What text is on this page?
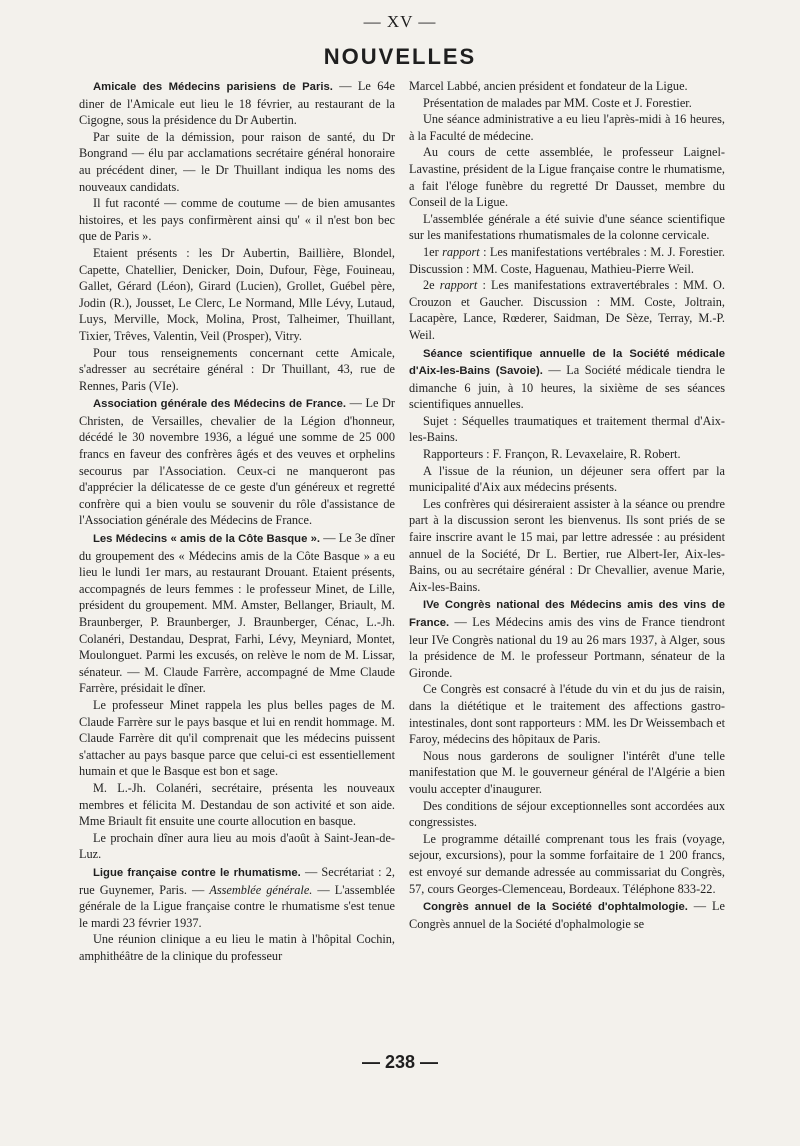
— XV —
NOUVELLES

Amicale des Médecins parisiens de Paris. — Le 64e diner de l'Amicale eut lieu le 18 février, au restaurant de la Cigogne, sous la présidence du Dr Aubertin.

Par suite de la démission, pour raison de santé, du Dr Bongrand — élu par acclamations secrétaire général honoraire au précédent diner, — le Dr Thuillant indiqua les noms des nouveaux candidats.

Il fut raconté — comme de coutume — de bien amusantes histoires, et les pays confirmèrent ainsi qu' « il n'est bon bec que de Paris ».

Etaient présents : les Dr Aubertin, Baillière, Blondel, Capette, Chatellier, Denicker, Doin, Dufour, Fège, Fouineau, Gallet, Gérard (Léon), Girard (Lucien), Grollet, Guébel père, Jodin (R.), Jousset, Le Clerc, Le Normand, Mlle Lévy, Lutaud, Luys, Merville, Mock, Molina, Prost, Talheimer, Thuillant, Tixier, Trêves, Valentin, Veil (Prosper), Vitry.

Pour tous renseignements concernant cette Amicale, s'adresser au secrétaire général : Dr Thuillant, 43, rue de Rennes, Paris (VIe).

Association générale des Médecins de France. — Le Dr Christen, de Versailles, chevalier de la Légion d'honneur, décédé le 30 novembre 1936, a légué une somme de 25 000 francs en faveur des confrères âgés et des veuves et orphelins secourus par l'Association. Ceux-ci ne manqueront pas d'apprécier la délicatesse de ce geste d'un généreux et regretté confrère qui a bien voulu se souvenir du rôle d'assistance de l'Association générale des Médecins de France.

Les Médecins « amis de la Côte Basque ». — Le 3e dîner du groupement des « Médecins amis de la Côte Basque » a eu lieu le lundi 1er mars, au restaurant Drouant. Etaient présents, accompagnés de leurs femmes : le professeur Minet, de Lille, président du groupement. MM. Amster, Bellanger, Briault, M. Braunberger, P. Braunberger, J. Braunberger, Cénac, L.-Jh. Colanéri, Destandau, Desprat, Farhi, Lévy, Meyniard, Montet, Moulonguet. Parmi les excusés, on relève le nom de M. Lissar, sénateur. — M. Claude Farrère, accompagné de Mme Claude Farrère, présidait le dîner.

Le professeur Minet rappela les plus belles pages de M. Claude Farrère sur le pays basque et lui en rendit hommage. M. Claude Farrère dit qu'il comprenait que les médecins puissent s'attacher au pays basque parce que celui-ci est essentiellement humain et que le Basque est bon et sage.

M. L.-Jh. Colanéri, secrétaire, présenta les nouveaux membres et félicita M. Destandau de son activité et son aide. Mme Briault fit ensuite une courte allocution en basque.

Le prochain dîner aura lieu au mois d'août à Saint-Jean-de-Luz.

Ligue française contre le rhumatisme. — Secrétariat : 2, rue Guynemer, Paris. — Assemblée générale. — L'assemblée générale de la Ligue française contre le rhumatisme s'est tenue le mardi 23 février 1937.

Une réunion clinique a eu lieu le matin à l'hôpital Cochin, amphithéâtre de la clinique du professeur

Marcel Labbé, ancien président et fondateur de la Ligue.

Présentation de malades par MM. Coste et J. Forestier.

Une séance administrative a eu lieu l'après-midi à 16 heures, à la Faculté de médecine.

Au cours de cette assemblée, le professeur Laignel-Lavastine, président de la Ligue française contre le rhumatisme, a fait l'éloge funèbre du regretté Dr Dausset, membre du Conseil de la Ligue.

L'assemblée générale a été suivie d'une séance scientifique sur les manifestations rhumatismales de la colonne cervicale.

1er rapport : Les manifestations vertébrales : M. J. Forestier. Discussion : MM. Coste, Haguenau, Mathieu-Pierre Weil.

2e rapport : Les manifestations extravertébrales : MM. O. Crouzon et Gaucher. Discussion : MM. Coste, Joltrain, Lacapère, Lance, Rœderer, Saidman, De Sèze, Terray, M.-P. Weil.

Séance scientifique annuelle de la Société médicale d'Aix-les-Bains (Savoie). — La Société médicale tiendra le dimanche 6 juin, à 10 heures, la sixième de ses séances scientifiques annuelles.

Sujet : Séquelles traumatiques et traitement thermal d'Aix-les-Bains.

Rapporteurs : F. Françon, R. Levaxelaire, R. Robert.

A l'issue de la réunion, un déjeuner sera offert par la municipalité d'Aix aux médecins présents.

Les confrères qui désireraient assister à la séance ou prendre part à la discussion seront les bienvenus. Ils sont priés de se faire inscrire avant le 15 mai, par lettre adressée : au président annuel de la Société, Dr L. Bertier, rue Albert-Ier, Aix-les-Bains, ou au secrétaire général : Dr Chevallier, avenue Marie, Aix-les-Bains.

IVe Congrès national des Médecins amis des vins de France. — Les Médecins amis des vins de France tiendront leur IVe Congrès national du 19 au 26 mars 1937, à Alger, sous la présidence de M. le professeur Portmann, sénateur de la Gironde.

Ce Congrès est consacré à l'étude du vin et du jus de raisin, dans la diététique et le traitement des affections gastro-intestinales, dont sont rapporteurs : MM. les Dr Weissembach et Faroy, médecins des hôpitaux de Paris.

Nous nous garderons de souligner l'intérêt d'une telle manifestation que M. le gouverneur général de l'Algérie a bien voulu accepter d'inaugurer.

Des conditions de séjour exceptionnelles sont accordées aux congressistes.

Le programme détaillé comprenant tous les frais (voyage, sejour, excursions), pour la somme forfaitaire de 1 200 francs, est envoyé sur demande adressée au commissariat du Congrès, 57, cours Georges-Clemenceau, Bordeaux. Téléphone 833-22.

Congrès annuel de la Société d'ophtalmologie. — Le Congrès annuel de la Société d'ophalmologie se

— 238 —
